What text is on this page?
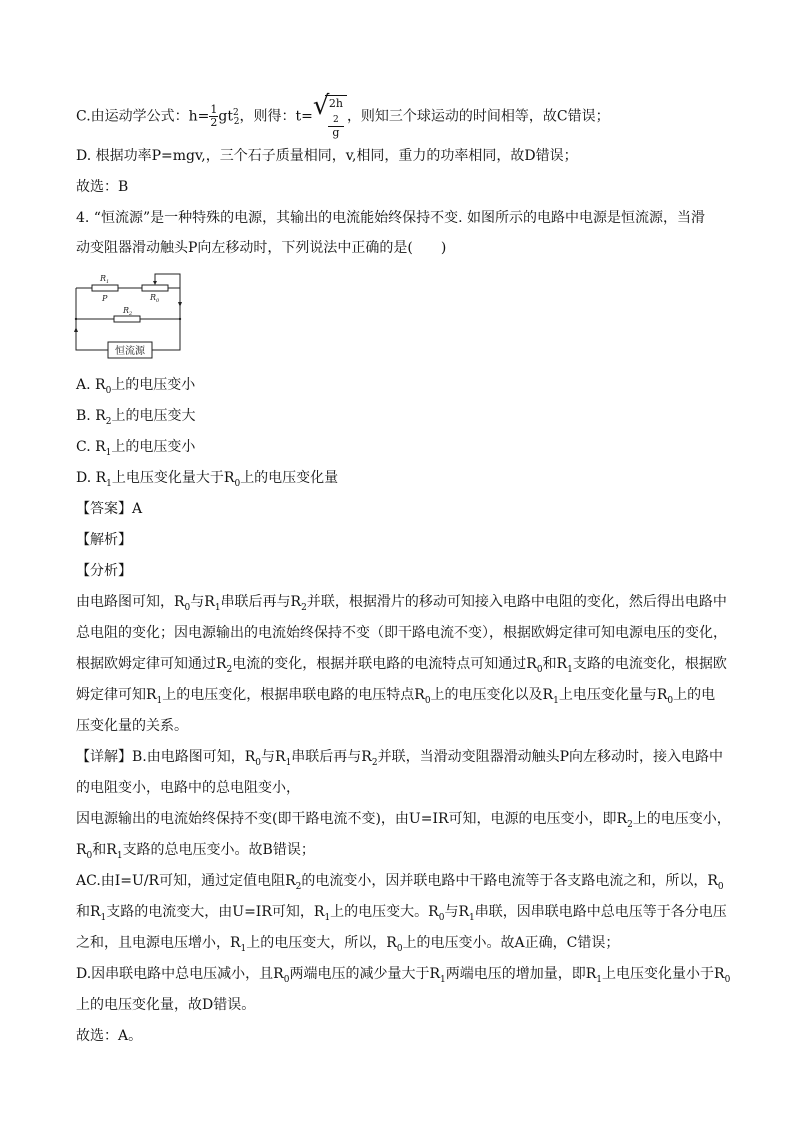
C.由运动学公式：$h= \frac{1}{2} gt^2_2$，则得：t= √
2h
$_2$
g ，则知三个球运动的时间相等，故C错误；
D. 根据功率P=mgv,，三个石子质量相同，v,相同，重力的功率相同，故D错误；
故选：B
4. “恒流源”是一种特殊的电源，其输出的电流能始终保持不变. 如图所示的电路中电源是恒流源，当滑
动变阻器滑动触头P向左移动时，下列说法中正确的是(　　)
$R_1$
P	$R_0$
$R_2$
恒流源
A. $R_0$上的电压变小
B. $R_2$上的电压变大
C. $R_1$上的电压变小
D. $R_1$上电压变化量大于$R_0$上的电压变化量
【答案】A
【解析】
【分析】
由电路图可知，$R_0$与$R_1$串联后再与$R_2$并联，根据滑片的移动可知接入电路中电阻的变化，然后得出电路中
总电阻的变化；因电源输出的电流始终保持不变（即干路电流不变），根据欧姆定律可知电源电压的变化，
根据欧姆定律可知通过$R_2$电流的变化，根据并联电路的电流特点可知通过$R_0$和$R_1$支路的电流变化，根据欧
姆定律可知$R_1$上的电压变化，根据串联电路的电压特点$R_0$上的电压变化以及$R_1$上电压变化量与$R_0$上的电
压变化量的关系。
【详解】B.由电路图可知，$R_0$与$R_1$串联后再与$R_2$并联，当滑动变阻器滑动触头P向左移动时，接入电路中
的电阻变小，电路中的总电阻变小，
因电源输出的电流始终保持不变(即干路电流不变)，由U=IR可知，电源的电压变小，即$R_2$上的电压变小，
$R_0$和$R_1$支路的总电压变小。故B错误；
AC.由I=U/R可知，通过定值电阻$R_2$的电流变小，因并联电路中干路电流等于各支路电流之和，所以，$R_0$
和$R_1$支路的电流变大，由U=IR可知，$R_1$上的电压变大。$R_0$与$R_1$串联，因串联电路中总电压等于各分电压
之和，且电源电压增小，$R_1$上的电压变大，所以，$R_0$上的电压变小。故A正确，C错误；
D.因串联电路中总电压减小，且$R_0$两端电压的减少量大于$R_1$两端电压的增加量，即$R_1$上电压变化量小于$R_0$
上的电压变化量，故D错误。
故选：A。
